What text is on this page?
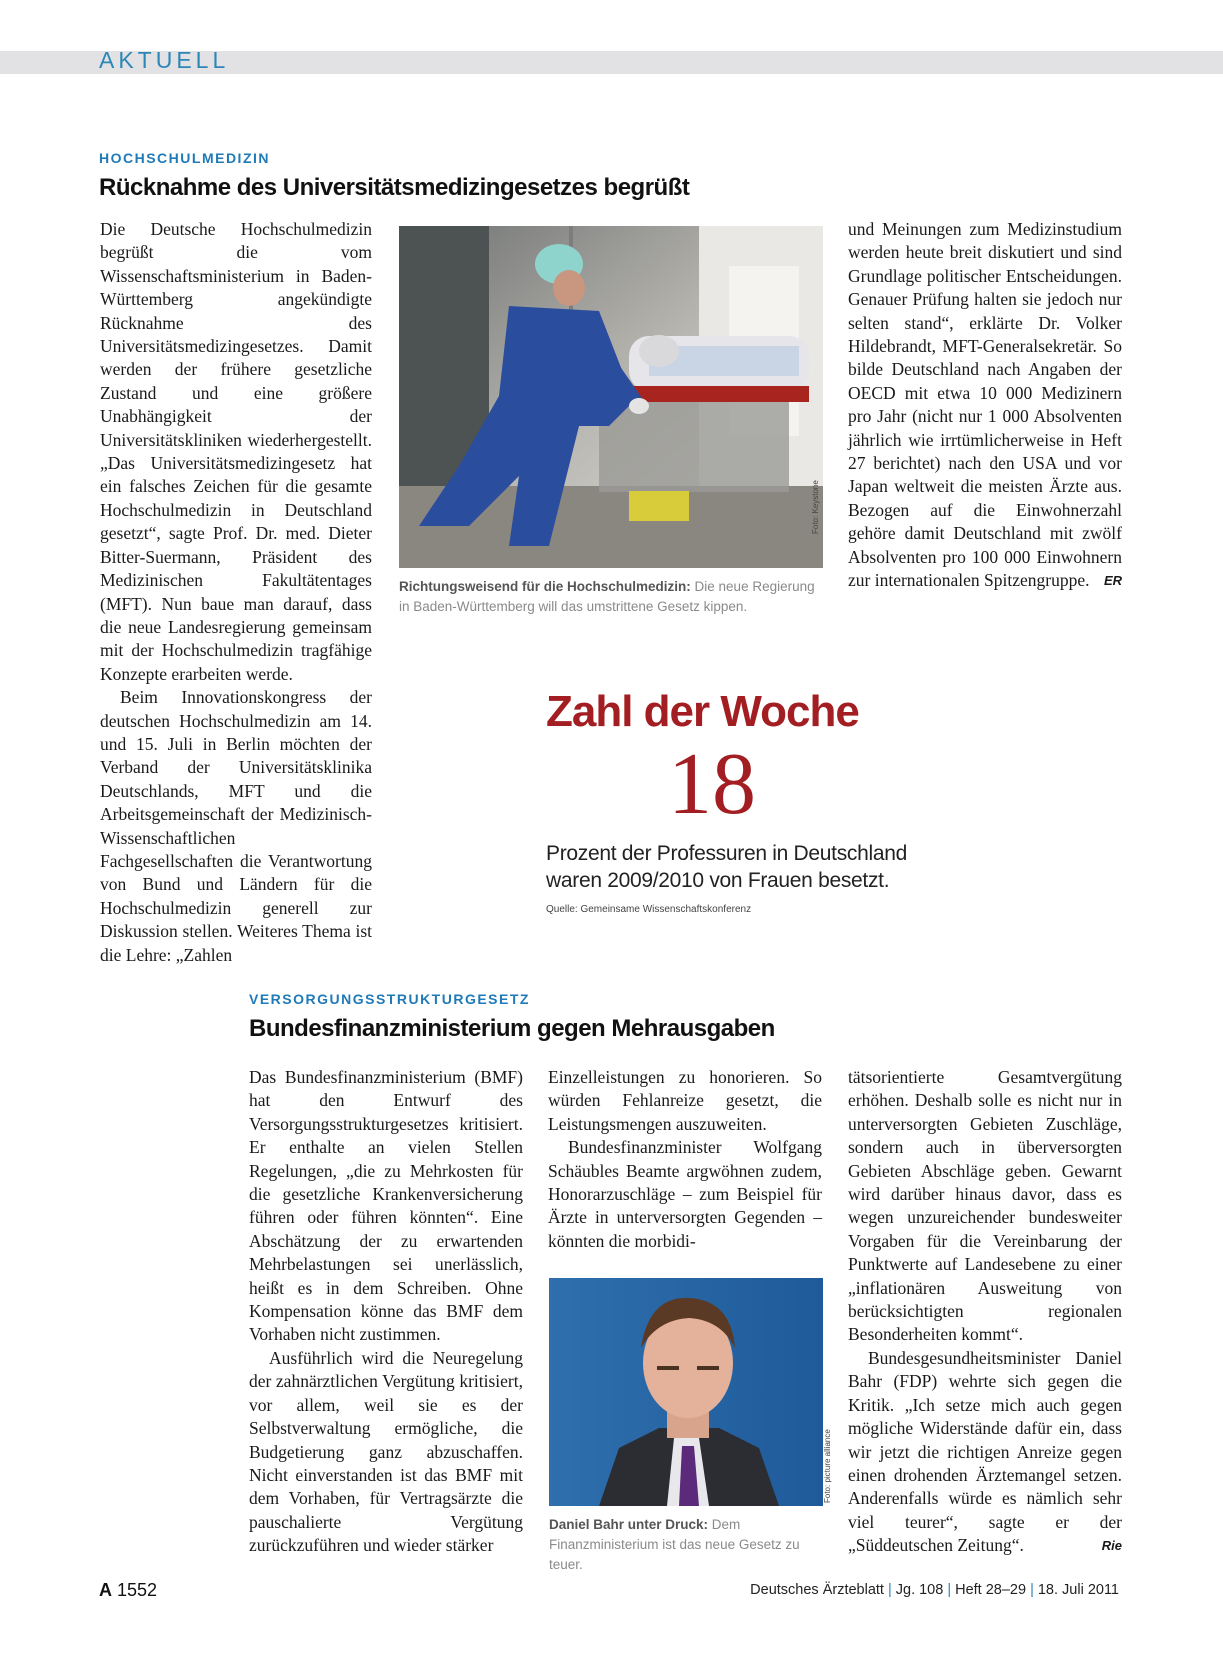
AKTUELL
HOCHSCHULMEDIZIN
Rücknahme des Universitätsmedizingesetzes begrüßt

Die Deutsche Hochschulmedizin begrüßt die vom Wissenschaftsministerium in Baden-Württemberg angekündigte Rücknahme des Universitätsmedizingesetzes. Damit werden der frühere gesetzliche Zustand und eine größere Unabhängigkeit der Universitätskliniken wiederhergestellt. „Das Universitätsmedizingesetz hat ein falsches Zeichen für die gesamte Hochschulmedizin in Deutschland gesetzt“, sagte Prof. Dr. med. Dieter Bitter-Suermann, Präsident des Medizinischen Fakultätentages (MFT). Nun baue man darauf, dass die neue Landesregierung gemeinsam mit der Hochschulmedizin tragfähige Konzepte erarbeiten werde.

Beim Innovationskongress der deutschen Hochschulmedizin am 14. und 15. Juli in Berlin möchten der Verband der Universitätsklinika Deutschlands, MFT und die Arbeitsgemeinschaft der Medizinisch-Wissenschaftlichen Fachgesellschaften die Verantwortung von Bund und Ländern für die Hochschulmedizin generell zur Diskussion stellen. Weiteres Thema ist die Lehre: „Zahlen

Foto: Keystone
Richtungsweisend für die Hochschulmedizin: Die neue Regierung in Baden-Württemberg will das umstrittene Gesetz kippen.

und Meinungen zum Medizinstudium werden heute breit diskutiert und sind Grundlage politischer Entscheidungen. Genauer Prüfung halten sie jedoch nur selten stand“, erklärte Dr. Volker Hildebrandt, MFT-Generalsekretär. So bilde Deutschland nach Angaben der OECD mit etwa 10 000 Medizinern pro Jahr (nicht nur 1 000 Absolventen jährlich wie irrtümlicherweise in Heft 27 berichtet) nach den USA und vor Japan weltweit die meisten Ärzte aus. Bezogen auf die Einwohnerzahl gehöre damit Deutschland mit zwölf Absolventen pro 100 000 Einwohnern zur internationalen Spitzengruppe. ER

Zahl der Woche
18
Prozent der Professuren in Deutschland waren 2009/2010 von Frauen besetzt.
Quelle: Gemeinsame Wissenschaftskonferenz
VERSORGUNGSSTRUKTURGESETZ
Bundesfinanzministerium gegen Mehrausgaben

Das Bundesfinanzministerium (BMF) hat den Entwurf des Versorgungsstrukturgesetzes kritisiert. Er enthalte an vielen Stellen Regelungen, „die zu Mehrkosten für die gesetzliche Krankenversicherung führen oder führen könnten“. Eine Abschätzung der zu erwartenden Mehrbelastungen sei unerlässlich, heißt es in dem Schreiben. Ohne Kompensation könne das BMF dem Vorhaben nicht zustimmen.

Ausführlich wird die Neuregelung der zahnärztlichen Vergütung kritisiert, vor allem, weil sie es der Selbstverwaltung ermögliche, die Budgetierung ganz abzuschaffen. Nicht einverstanden ist das BMF mit dem Vorhaben, für Vertragsärzte die pauschalierte Vergütung zurückzuführen und wieder stärker

Einzelleistungen zu honorieren. So würden Fehlanreize gesetzt, die Leistungsmengen auszuweiten.

Bundesfinanzminister Wolfgang Schäubles Beamte argwöhnen zudem, Honorarzuschläge – zum Beispiel für Ärzte in unterversorgten Gegenden – könnten die morbidi-

Foto: picture alliance
Daniel Bahr unter Druck: Dem Finanzministerium ist das neue Gesetz zu teuer.

tätsorientierte Gesamtvergütung erhöhen. Deshalb solle es nicht nur in unterversorgten Gebieten Zuschläge, sondern auch in überversorgten Gebieten Abschläge geben. Gewarnt wird darüber hinaus davor, dass es wegen unzureichender bundesweiter Vorgaben für die Vereinbarung der Punktwerte auf Landesebene zu einer „inflationären Ausweitung von berücksichtigten regionalen Besonderheiten kommt“.

Bundesgesundheitsminister Daniel Bahr (FDP) wehrte sich gegen die Kritik. „Ich setze mich auch gegen mögliche Widerstände dafür ein, dass wir jetzt die richtigen Anreize gegen einen drohenden Ärztemangel setzen. Anderenfalls würde es nämlich sehr viel teurer“, sagte er der „Süddeutschen Zeitung“.	Rie

A 1552	Deutsches Ärzteblatt | Jg. 108 | Heft 28–29 | 18. Juli 2011
